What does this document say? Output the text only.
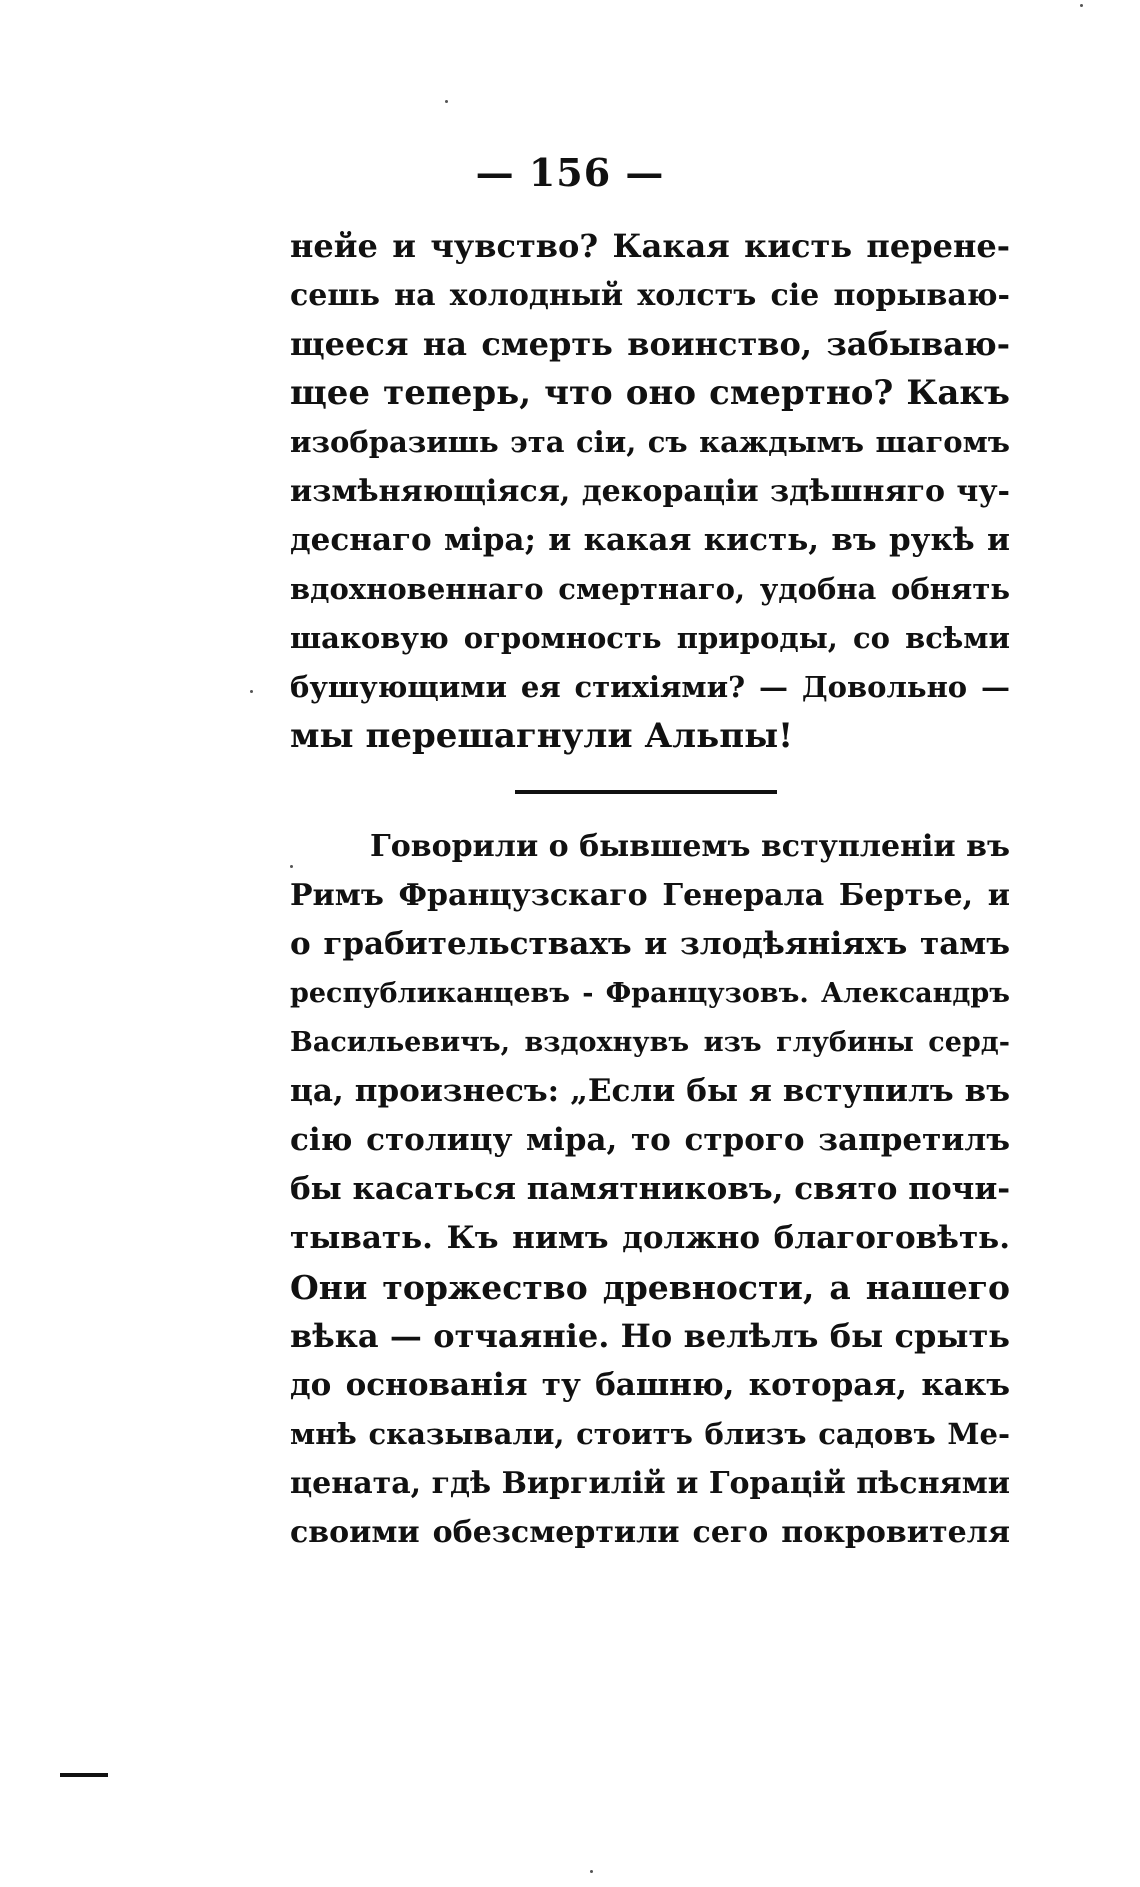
— 156 —
нейе и чувство? Какая кисть перене-
сешь на холодный холстъ сіе порываю-
щееся на смерть воинство, забываю-
щее теперь, что оно смертно? Какъ
изобразишь эта сіи, съ каждымъ шагомъ
измѣняющіяся, декораціи здѣшняго чу-
деснаго міра; и какая кисть, въ рукѣ и
вдохновеннаго смертнаго, удобна обнять
шаковую огромность природы, со всѣми
бушующими ея стихіями? — Довольно —
мы перешагнули Альпы!
Говорили о бывшемъ вступленіи въ
Римъ Французскаго Генерала Бертье, и
о грабительствахъ и злодѣяніяхъ тамъ
республиканцевъ - Французовъ. Александръ
Васильевичъ, вздохнувъ изъ глубины серд-
ца, произнесъ: „Если бы я вступилъ въ
сію столицу міра, то строго запретилъ
бы касаться памятниковъ, свято почи-
тывать. Къ нимъ должно благоговѣть.
Они торжество древности, а нашего
вѣка — отчаяніе. Но велѣлъ бы срыть
до основанія ту башню, которая, какъ
мнѣ сказывали, стоитъ близъ садовъ Ме-
цената, гдѣ Виргилій и Горацій пѣснями
своими обезсмертили сего покровителя
